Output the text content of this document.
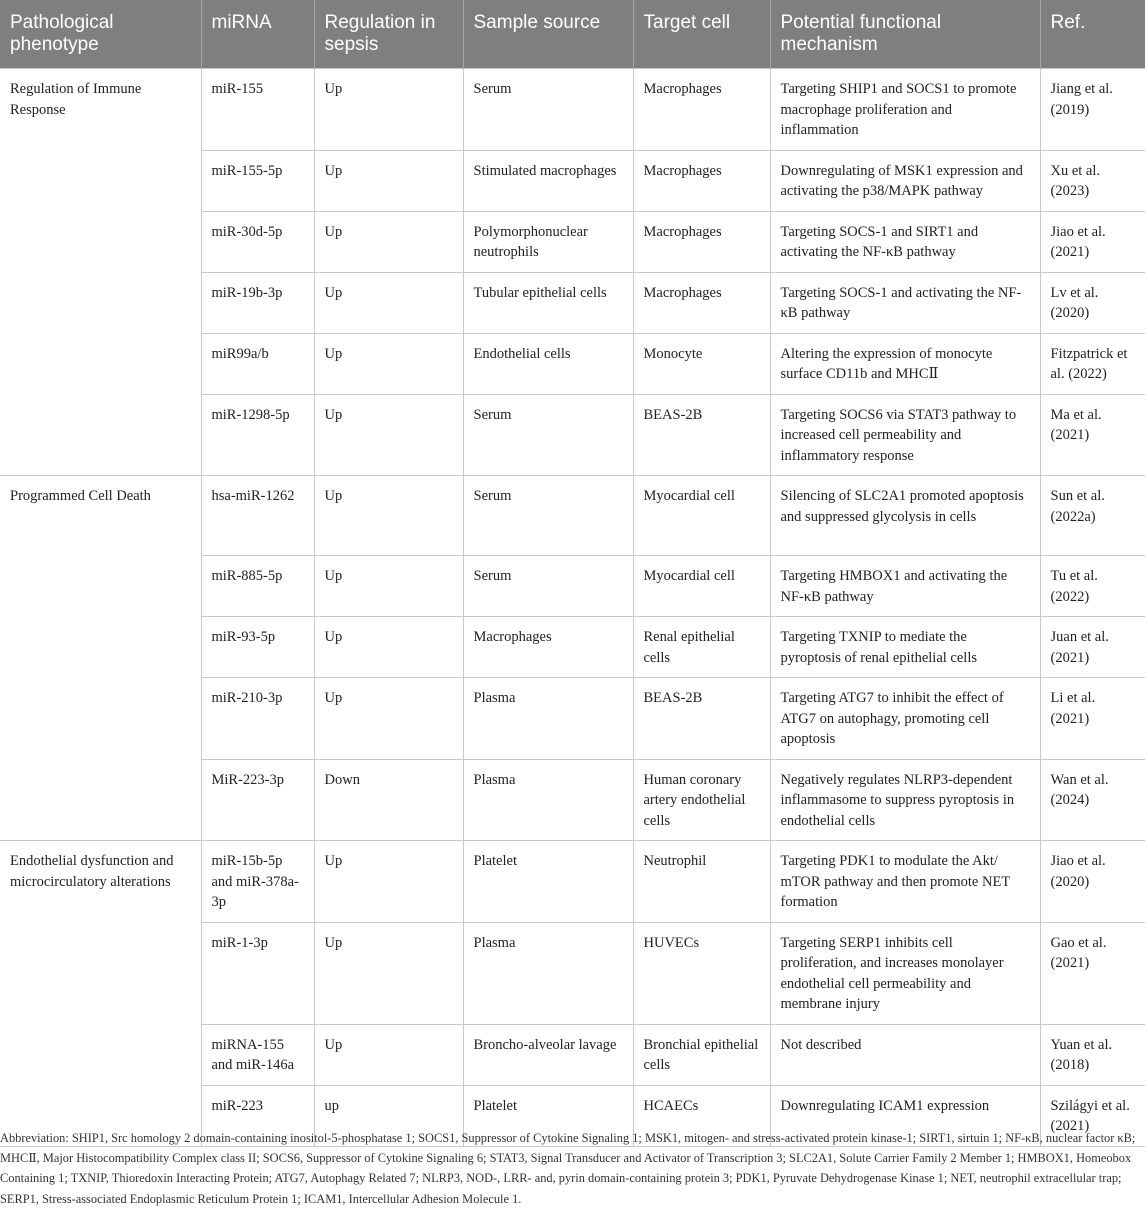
Pathological phenotype	miRNA	Regulation in sepsis	Sample source	Target cell	Potential functional mechanism	Ref.
Regulation of Immune Response	miR-155	Up	Serum	Macrophages	Targeting SHIP1 and SOCS1 to promote macrophage proliferation and inflammation	Jiang et al. (2019)
	miR-155-5p	Up	Stimulated macrophages	Macrophages	Downregulating of MSK1 expression and activating the p38/MAPK pathway	Xu et al. (2023)
	miR-30d-5p	Up	Polymorphonuclear neutrophils	Macrophages	Targeting SOCS-1 and SIRT1 and activating the NF-κB pathway	Jiao et al. (2021)
	miR-19b-3p	Up	Tubular epithelial cells	Macrophages	Targeting SOCS-1 and activating the NF-κB pathway	Lv et al. (2020)
	miR99a/b	Up	Endothelial cells	Monocyte	Altering the expression of monocyte surface CD11b and MHCⅡ	Fitzpatrick et al. (2022)
	miR-1298-5p	Up	Serum	BEAS-2B	Targeting SOCS6 via STAT3 pathway to increased cell permeability and inflammatory response	Ma et al. (2021)
Programmed Cell Death	hsa-miR-1262	Up	Serum	Myocardial cell	Silencing of SLC2A1 promoted apoptosis and suppressed glycolysis in cells	Sun et al. (2022a)
	miR-885-5p	Up	Serum	Myocardial cell	Targeting HMBOX1 and activating the NF-κB pathway	Tu et al. (2022)
	miR-93-5p	Up	Macrophages	Renal epithelial cells	Targeting TXNIP to mediate the pyroptosis of renal epithelial cells	Juan et al. (2021)
	miR-210-3p	Up	Plasma	BEAS-2B	Targeting ATG7 to inhibit the effect of ATG7 on autophagy, promoting cell apoptosis	Li et al. (2021)
	MiR-223-3p	Down	Plasma	Human coronary artery endothelial cells	Negatively regulates NLRP3-dependent inflammasome to suppress pyroptosis in endothelial cells	Wan et al. (2024)
Endothelial dysfunction and microcirculatory alterations	miR-15b-5p and miR-378a-3p	Up	Platelet	Neutrophil	Targeting PDK1 to modulate the Akt/ mTOR pathway and then promote NET formation	Jiao et al. (2020)
	miR-1-3p	Up	Plasma	HUVECs	Targeting SERP1 inhibits cell proliferation, and increases monolayer endothelial cell permeability and membrane injury	Gao et al. (2021)
	miRNA-155 and miR-146a	Up	Broncho-alveolar lavage	Bronchial epithelial cells	Not described	Yuan et al. (2018)
	miR-223	up	Platelet	HCAECs	Downregulating ICAM1 expression	Szilágyi et al. (2021)
Abbreviation: SHIP1, Src homology 2 domain-containing inositol-5-phosphatase 1; SOCS1, Suppressor of Cytokine Signaling 1; MSK1, mitogen- and stress-activated protein kinase-1; SIRT1, sirtuin 1; NF-κB, nuclear factor κB; MHCⅡ, Major Histocompatibility Complex class II; SOCS6, Suppressor of Cytokine Signaling 6; STAT3, Signal Transducer and Activator of Transcription 3; SLC2A1, Solute Carrier Family 2 Member 1; HMBOX1, Homeobox Containing 1; TXNIP, Thioredoxin Interacting Protein; ATG7, Autophagy Related 7; NLRP3, NOD-, LRR- and, pyrin domain-containing protein 3; PDK1, Pyruvate Dehydrogenase Kinase 1; NET, neutrophil extracellular trap; SERP1, Stress-associated Endoplasmic Reticulum Protein 1; ICAM1, Intercellular Adhesion Molecule 1.
